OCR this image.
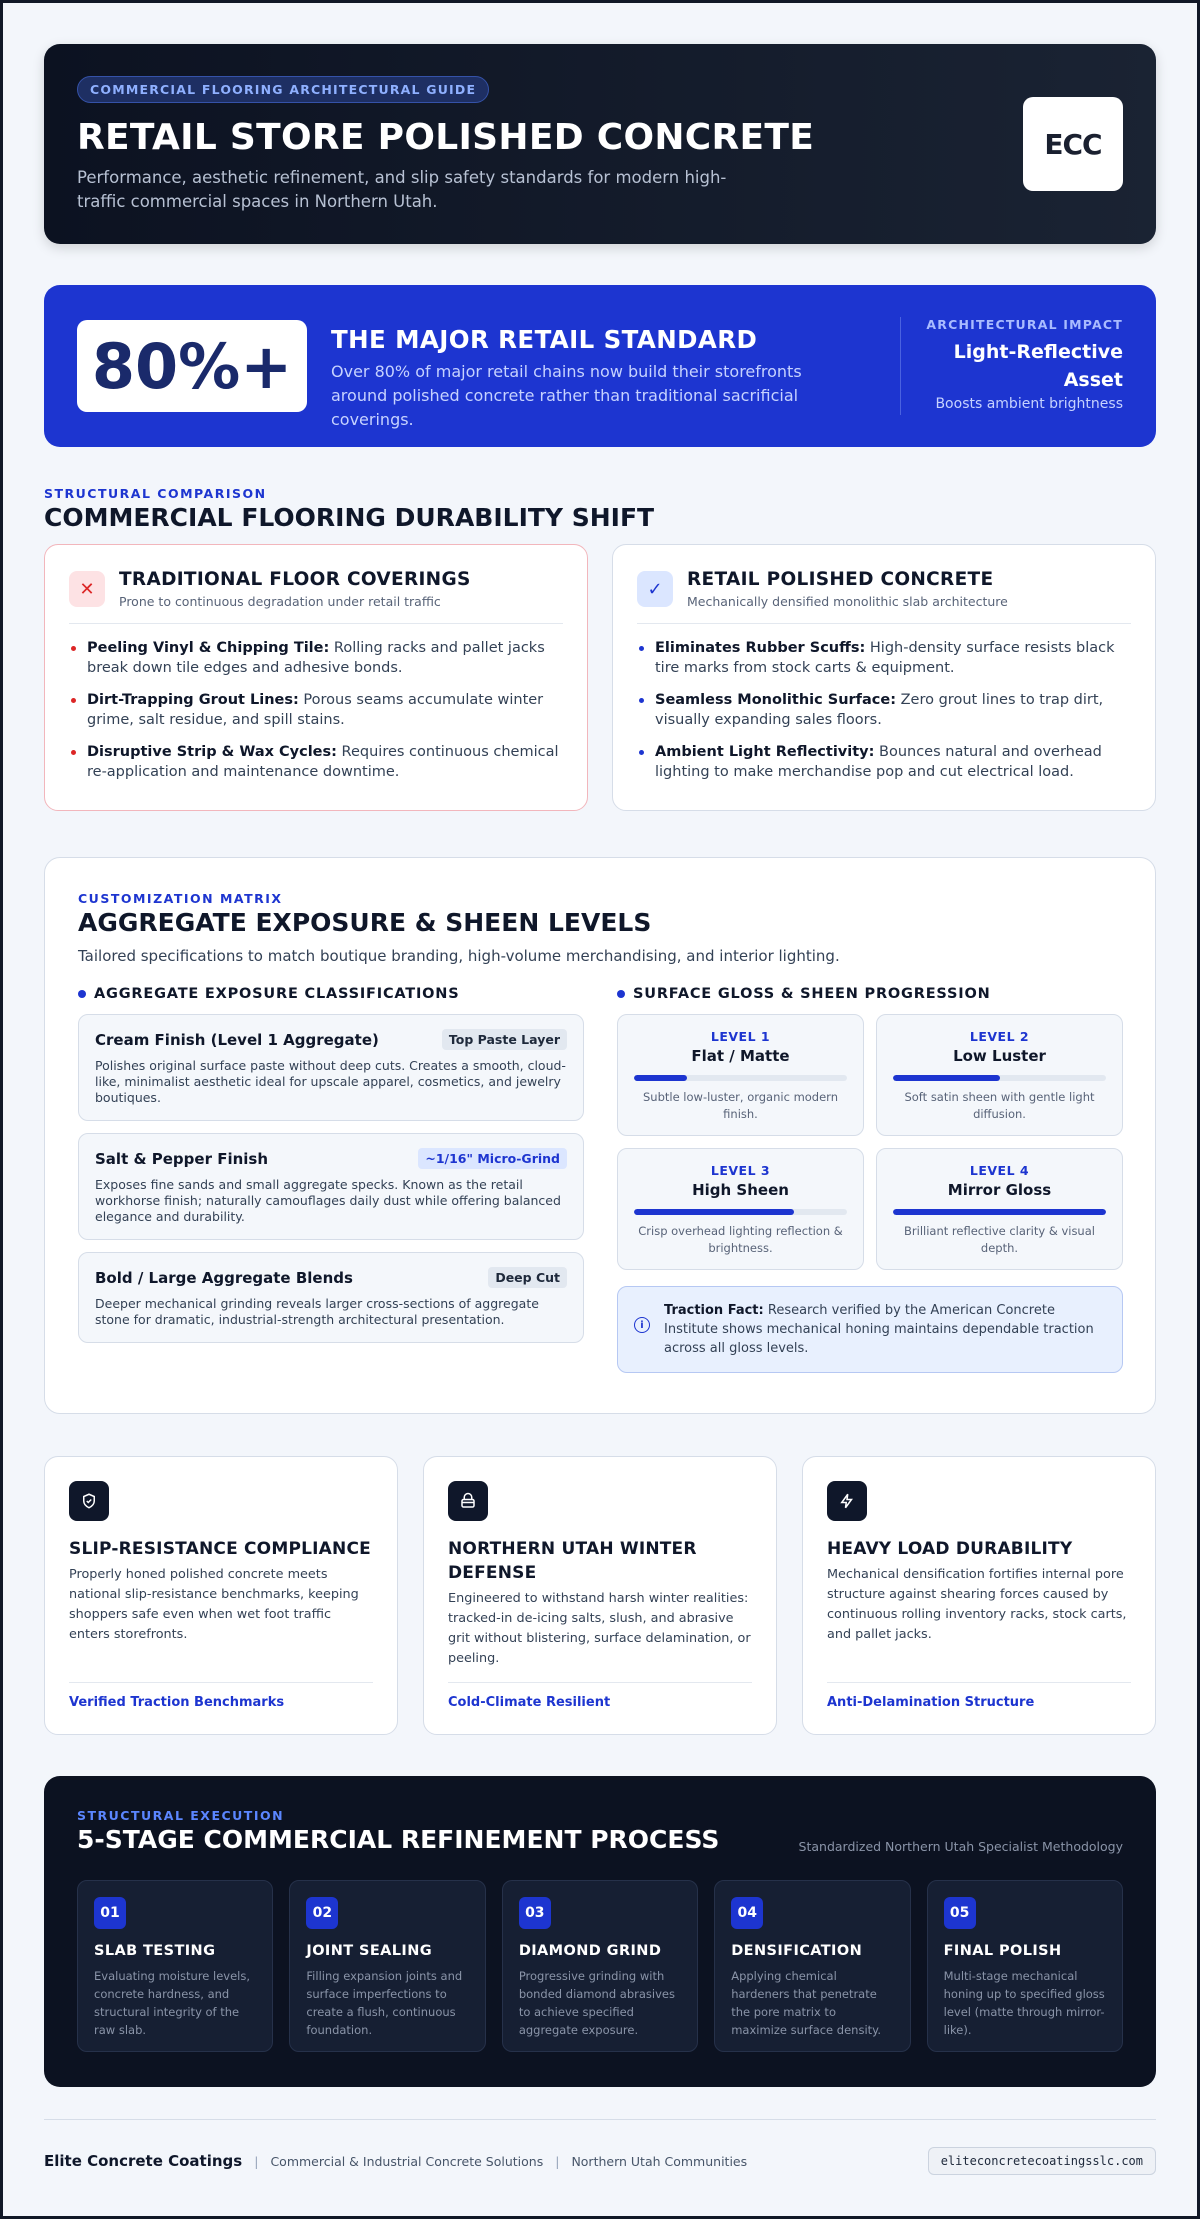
COMMERCIAL FLOORING ARCHITECTURAL GUIDE
RETAIL STORE POLISHED CONCRETE

Performance, aesthetic refinement, and slip safety standards for modern high-traffic commercial spaces in Northern Utah.

ECC
80%+	THE MAJOR RETAIL STANDARD
Over 80% of major retail chains now build their storefronts around polished concrete rather than traditional sacrificial coverings.
ARCHITECTURAL IMPACT
Light-Reflective Asset
Boosts ambient brightness
STRUCTURAL COMPARISON
COMMERCIAL FLOORING DURABILITY SHIFT
✕	TRADITIONAL FLOOR COVERINGS
Prone to continuous degradation under retail traffic
Peeling Vinyl & Chipping Tile: Rolling racks and pallet jacks break down tile edges and adhesive bonds.
Dirt-Trapping Grout Lines: Porous seams accumulate winter grime, salt residue, and spill stains.
Disruptive Strip & Wax Cycles: Requires continuous chemical re-application and maintenance downtime.
✓	RETAIL POLISHED CONCRETE
Mechanically densified monolithic slab architecture
Eliminates Rubber Scuffs: High-density surface resists black tire marks from stock carts & equipment.
Seamless Monolithic Surface: Zero grout lines to trap dirt, visually expanding sales floors.
Ambient Light Reflectivity: Bounces natural and overhead lighting to make merchandise pop and cut electrical load.
CUSTOMIZATION MATRIX
AGGREGATE EXPOSURE & SHEEN LEVELS
Tailored specifications to match boutique branding, high-volume merchandising, and interior lighting.
AGGREGATE EXPOSURE CLASSIFICATIONS
Cream Finish (Level 1 Aggregate)	Top Paste Layer

Polishes original surface paste without deep cuts. Creates a smooth, cloud-like, minimalist aesthetic ideal for upscale apparel, cosmetics, and jewelry boutiques.

Salt & Pepper Finish	~1/16" Micro-Grind

Exposes fine sands and small aggregate specks. Known as the retail workhorse finish; naturally camouflages daily dust while offering balanced elegance and durability.

Bold / Large Aggregate Blends	Deep Cut

Deeper mechanical grinding reveals larger cross-sections of aggregate stone for dramatic, industrial-strength architectural presentation.

SURFACE GLOSS & SHEEN PROGRESSION
LEVEL 1
Flat / Matte

Subtle low-luster, organic modern finish.

LEVEL 2
Low Luster

Soft satin sheen with gentle light diffusion.

LEVEL 3
High Sheen

Crisp overhead lighting reflection & brightness.

LEVEL 4
Mirror Gloss

Brilliant reflective clarity & visual depth.

i
Traction Fact: Research verified by the American Concrete Institute shows mechanical honing maintains dependable traction across all gloss levels.
SLIP-RESISTANCE COMPLIANCE

Properly honed polished concrete meets national slip-resistance benchmarks, keeping shoppers safe even when wet foot traffic enters storefronts.

Verified Traction Benchmarks
NORTHERN UTAH WINTER DEFENSE

Engineered to withstand harsh winter realities: tracked-in de-icing salts, slush, and abrasive grit without blistering, surface delamination, or peeling.

Cold-Climate Resilient
HEAVY LOAD DURABILITY

Mechanical densification fortifies internal pore structure against shearing forces caused by continuous rolling inventory racks, stock carts, and pallet jacks.

Anti-Delamination Structure
STRUCTURAL EXECUTION
5-STAGE COMMERCIAL REFINEMENT PROCESS	Standardized Northern Utah Specialist Methodology
01
SLAB TESTING

Evaluating moisture levels, concrete hardness, and structural integrity of the raw slab.

02
JOINT SEALING

Filling expansion joints and surface imperfections to create a flush, continuous foundation.

03
DIAMOND GRIND

Progressive grinding with bonded diamond abrasives to achieve specified aggregate exposure.

04
DENSIFICATION

Applying chemical hardeners that penetrate the pore matrix to maximize surface density.

05
FINAL POLISH

Multi-stage mechanical honing up to specified gloss level (matte through mirror-like).

Elite Concrete Coatings | Commercial & Industrial Concrete Solutions | Northern Utah Communities	eliteconcretecoatingsslc.com
